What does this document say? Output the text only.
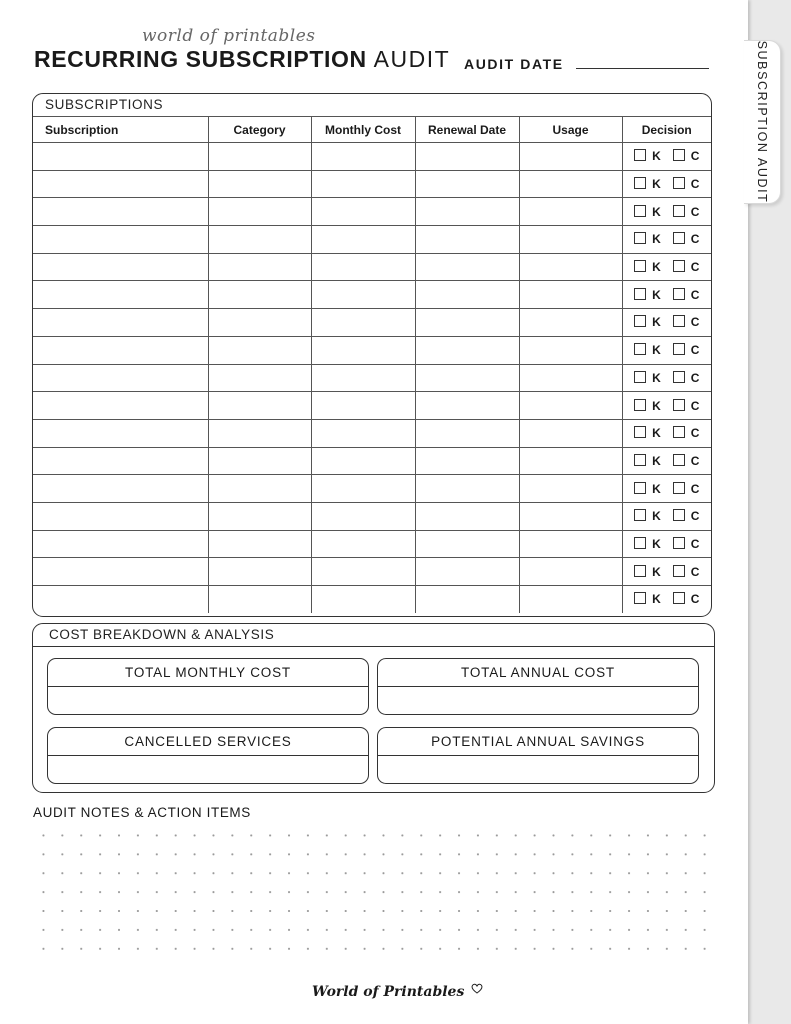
world of printables
RECURRING SUBSCRIPTION AUDIT AUDIT DATE
SUBSCRIPTIONS
Subscription	Category	Monthly Cost	Renewal Date	Usage	Decision
					K C
					K C
					K C
					K C
					K C
					K C
					K C
					K C
					K C
					K C
					K C
					K C
					K C
					K C
					K C
					K C
					K C
COST BREAKDOWN & ANALYSIS
TOTAL MONTHLY COST	TOTAL ANNUAL COST
CANCELLED SERVICES	POTENTIAL ANNUAL SAVINGS
AUDIT NOTES & ACTION ITEMS
World of Printables
SUBSCRIPTION AUDIT
